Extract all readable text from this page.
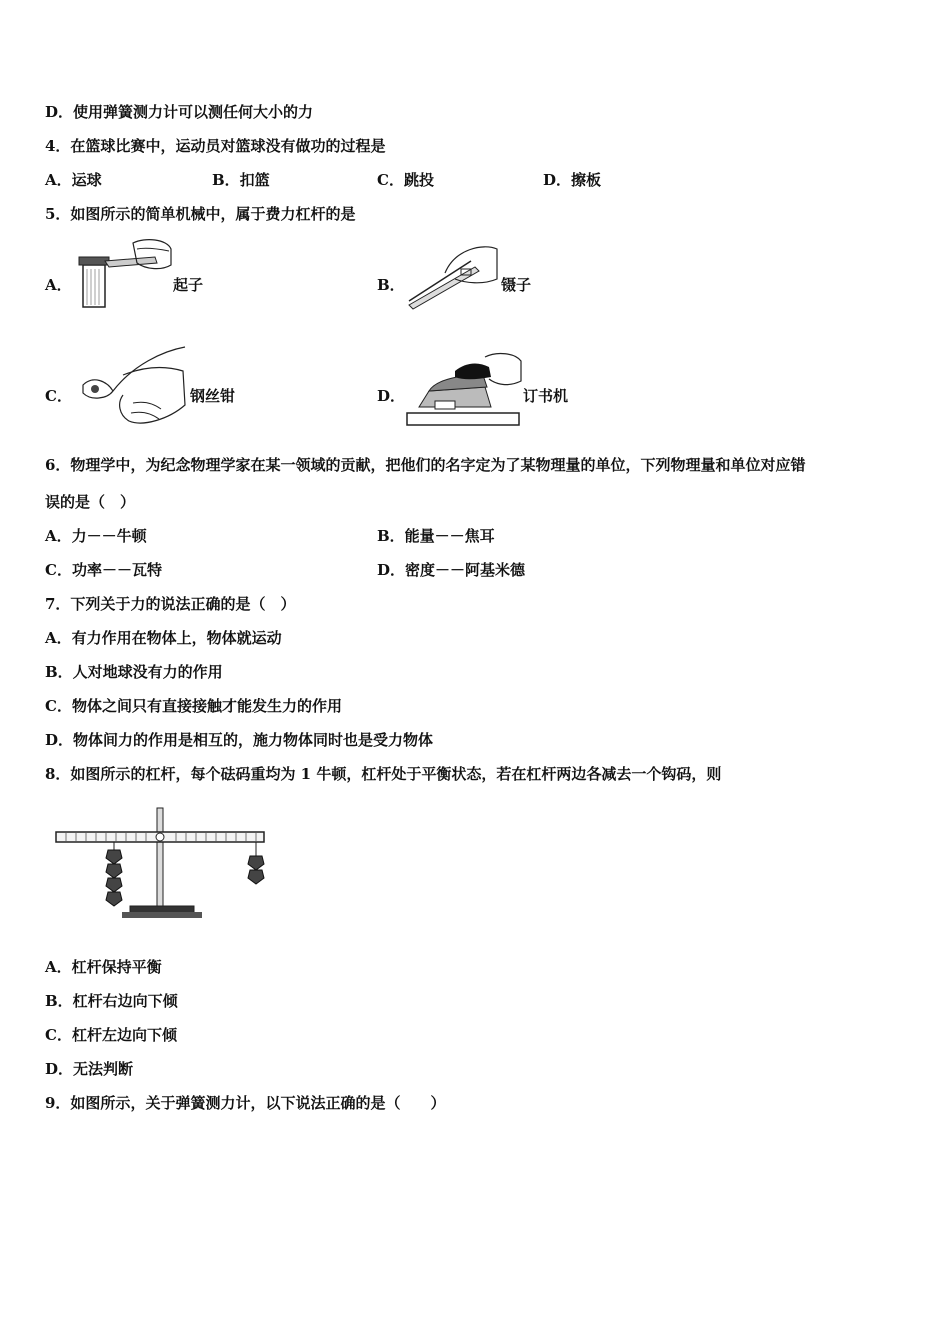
D．使用弹簧测力计可以测任何大小的力
4．在篮球比赛中，运动员对篮球没有做功的过程是
A．运球	B．扣篮	C．跳投	D．擦板
5．如图所示的简单机械中，属于费力杠杆的是
A．	起子	B．	镊子
C．	钢丝钳	D．	订书机
6．物理学中，为纪念物理学家在某一领域的贡献，把他们的名字定为了某物理量的单位，下列物理量和单位对应错
误的是（　）
A．力－－牛顿	B．能量－－焦耳
C．功率－－瓦特	D．密度－－阿基米德
7．下列关于力的说法正确的是（　）
A．有力作用在物体上，物体就运动
B．人对地球没有力的作用
C．物体之间只有直接接触才能发生力的作用
D．物体间力的作用是相互的，施力物体同时也是受力物体
8．如图所示的杠杆，每个砝码重均为 1 牛顿，杠杆处于平衡状态，若在杠杆两边各减去一个钩码，则
A．杠杆保持平衡
B．杠杆右边向下倾
C．杠杆左边向下倾
D．无法判断
9．如图所示，关于弹簧测力计，以下说法正确的是（　　）
